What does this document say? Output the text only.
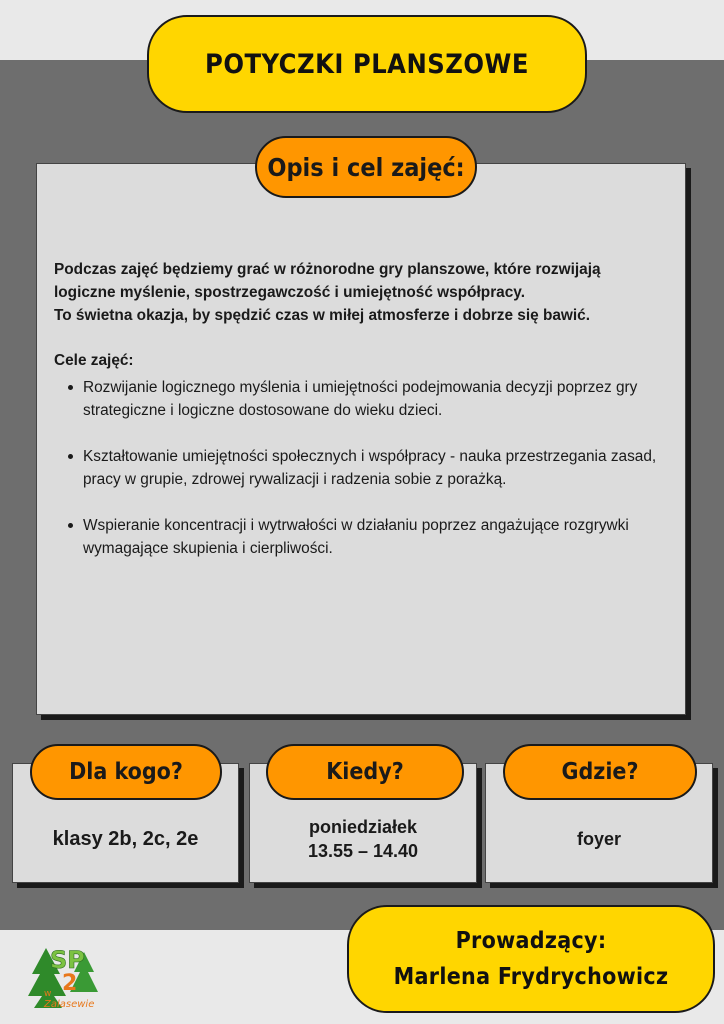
POTYCZKI PLANSZOWE
Opis i cel zajęć:
Podczas zajęć będziemy grać w różnorodne gry planszowe, które rozwijają
logiczne myślenie, spostrzegawczość i umiejętność współpracy.
To świetna okazja, by spędzić czas w miłej atmosferze i dobrze się bawić.
Cele zajęć:
Rozwijanie logicznego myślenia i umiejętności podejmowania decyzji poprzez gry strategiczne i logiczne dostosowane do wieku dzieci.
Kształtowanie umiejętności społecznych i współpracy - nauka przestrzegania zasad, pracy w grupie, zdrowej rywalizacji i radzenia sobie z porażką.
Wspieranie koncentracji i wytrwałości w działaniu poprzez angażujące rozgrywki wymagające skupienia i cierpliwości.
klasy 2b, 2c, 2e
Dla kogo?
poniedziałek
13.55 – 14.40
Kiedy?
foyer
Gdzie?
Prowadzący:
Marlena Frydrychowicz
SP
2
w
Zalasewie
